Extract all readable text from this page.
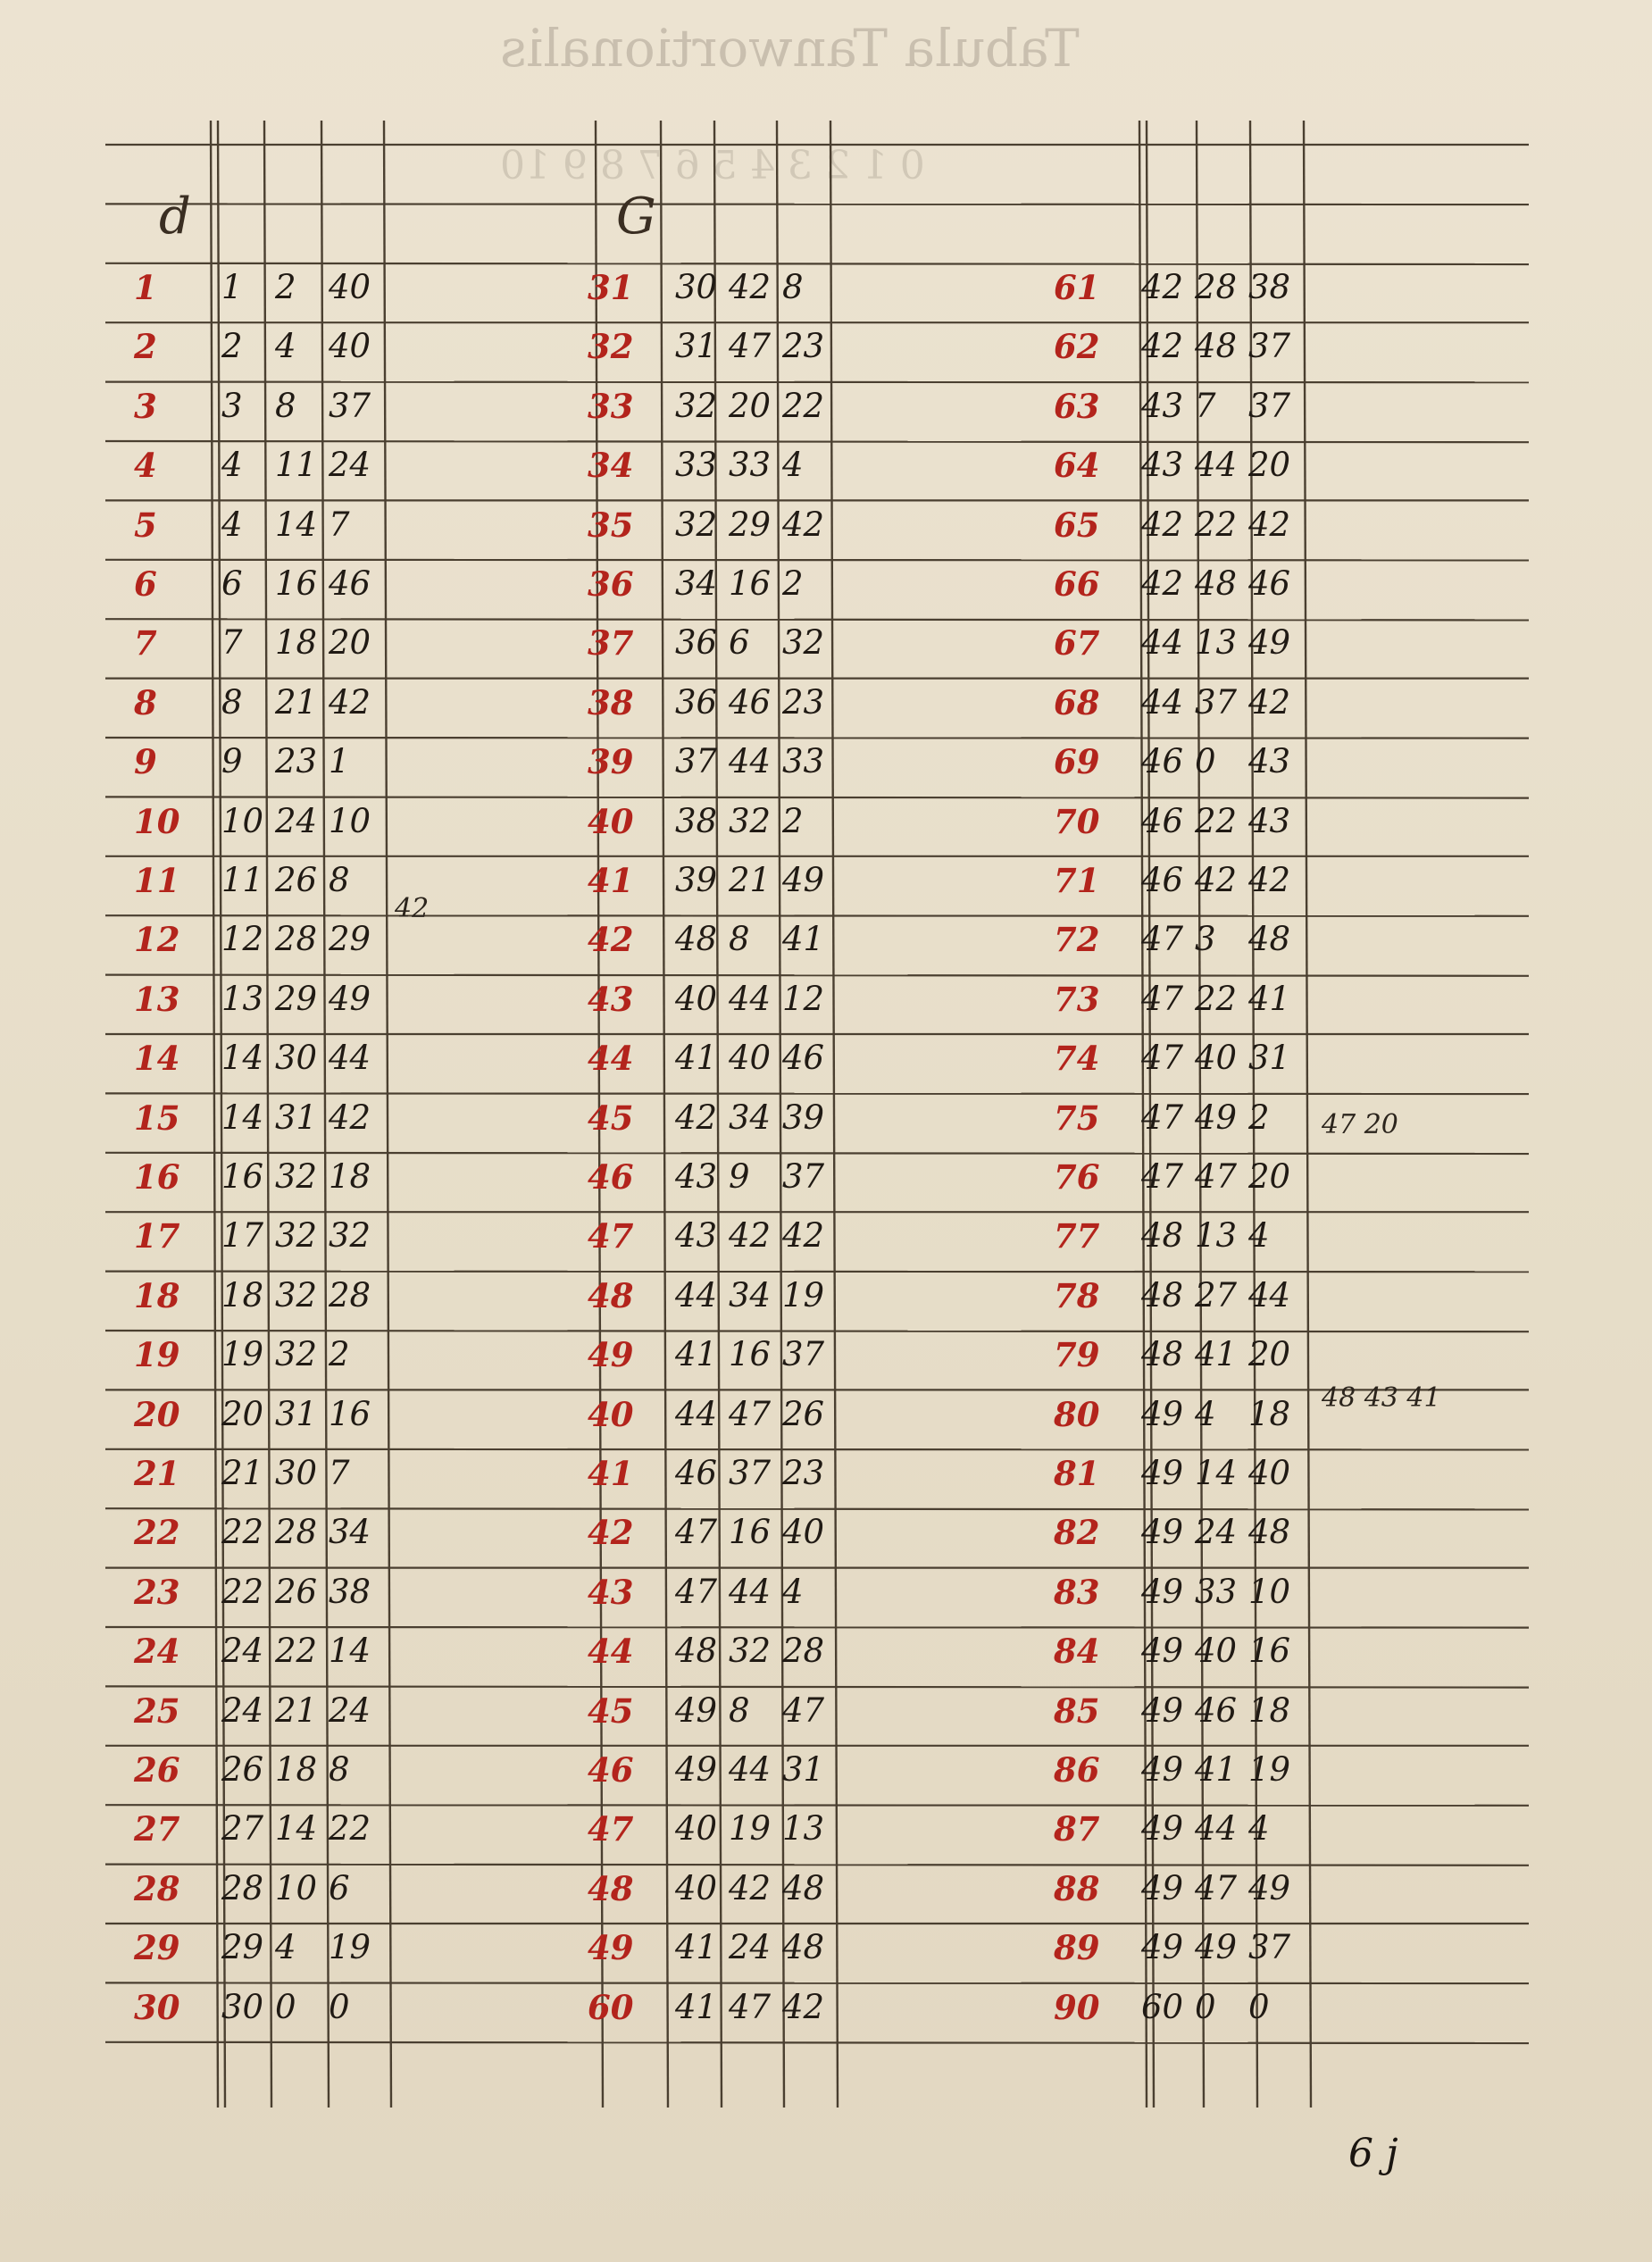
Tabula Tanwortionalis
0 1 2 3 4 5 6 7 8 9 10
d	G
1 1 2 40	31 30 42 8	61 42 28 38
2 2 4 40	32 31 47 23	62 42 48 37
3 3 8 37	33 32 20 22	63 43 7 37
4 4 11 24	34 33 33 4	64 43 44 20
5 4 14 7	35 32 29 42	65 42 22 42
6 6 16 46	36 34 16 2	66 42 48 46
7 7 18 20	37 36 6 32	67 44 13 49
8 8 21 42	38 36 46 23	68 44 37 42
9 9 23 1	39 37 44 33	69 46 0 43
10 10 24 10	40 38 32 2	70 46 22 43
11 11 26 8	41 39 21 49	71 46 42 42
12 12 28 29	42 48 8 41	72 47 3 48
13 13 29 49	43 40 44 12	73 47 22 41
14 14 30 44	44 41 40 46	74 47 40 31
15 14 31 42	45 42 34 39	75 47 49 2
16 16 32 18	46 43 9 37	76 47 47 20
17 17 32 32	47 43 42 42	77 48 13 4
18 18 32 28	48 44 34 19	78 48 27 44
19 19 32 2	49 41 16 37	79 48 41 20
20 20 31 16	40 44 47 26	80 49 4 18
21 21 30 7	41 46 37 23	81 49 14 40
22 22 28 34	42 47 16 40	82 49 24 48
23 22 26 38	43 47 44 4	83 49 33 10
24 24 22 14	44 48 32 28	84 49 40 16
25 24 21 24	45 49 8 47	85 49 46 18
26 26 18 8	46 49 44 31	86 49 41 19
27 27 14 22	47 40 19 13	87 49 44 4
28 28 10 6	48 40 42 48	88 49 47 49
29 29 4 19	49 41 24 48	89 49 49 37
30 30 0 0	60 41 47 42	90 60 0 0
42
47 20
48 43 41
6 j
